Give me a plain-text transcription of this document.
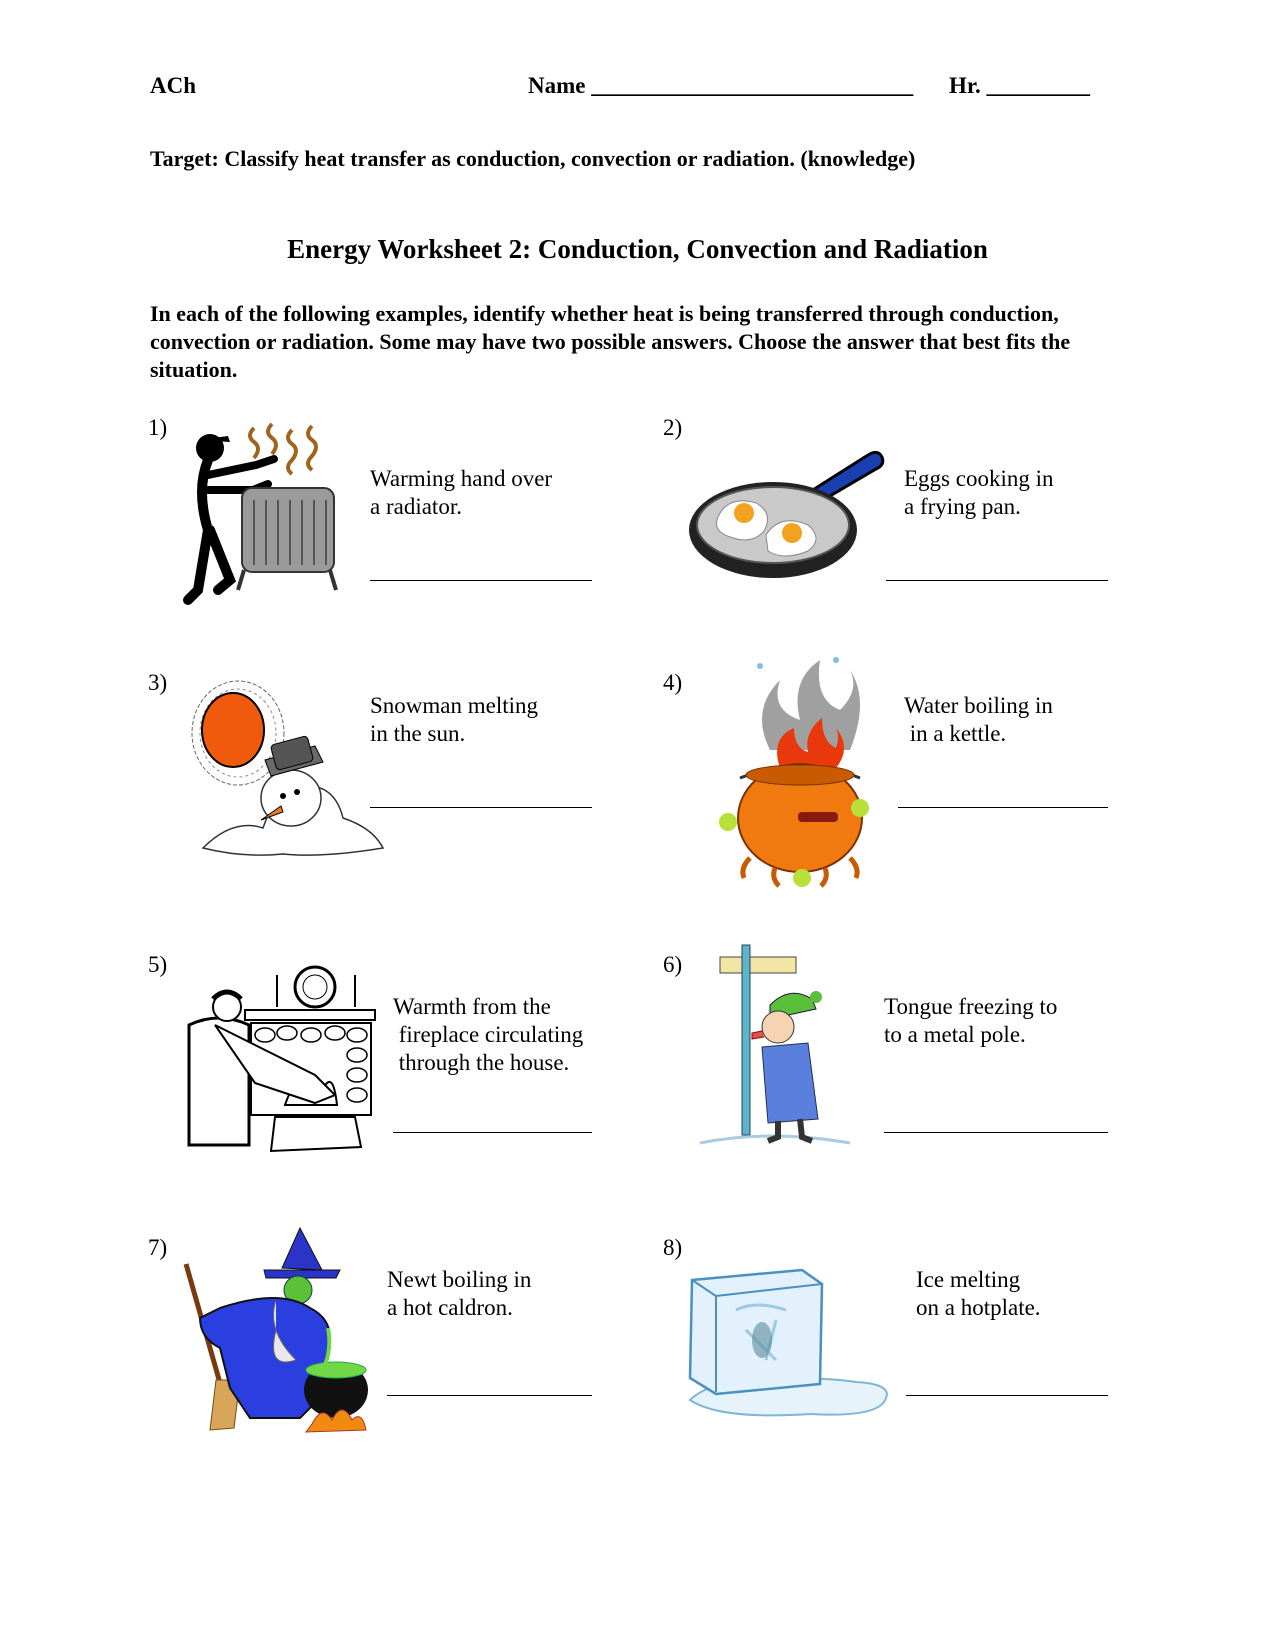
ACh	Name ____________________________ Hr. _________
Target: Classify heat transfer as conduction, convection or radiation. (knowledge)
Energy Worksheet 2: Conduction, Convection and Radiation
In each of the following examples, identify whether heat is being transferred through conduction, convection or radiation. Some may have two possible answers. Choose the answer that best fits the situation.
1)
Warming hand over
a radiator.
2)
Eggs cooking in
a frying pan.
3)
Snowman melting
in the sun.
4)
Water boiling in
in a kettle.
5)
Warmth from the
fireplace circulating
through the house.
6)
Tongue freezing to
to a metal pole.
7)
Newt boiling in
a hot caldron.
8)
Ice melting
on a hotplate.
